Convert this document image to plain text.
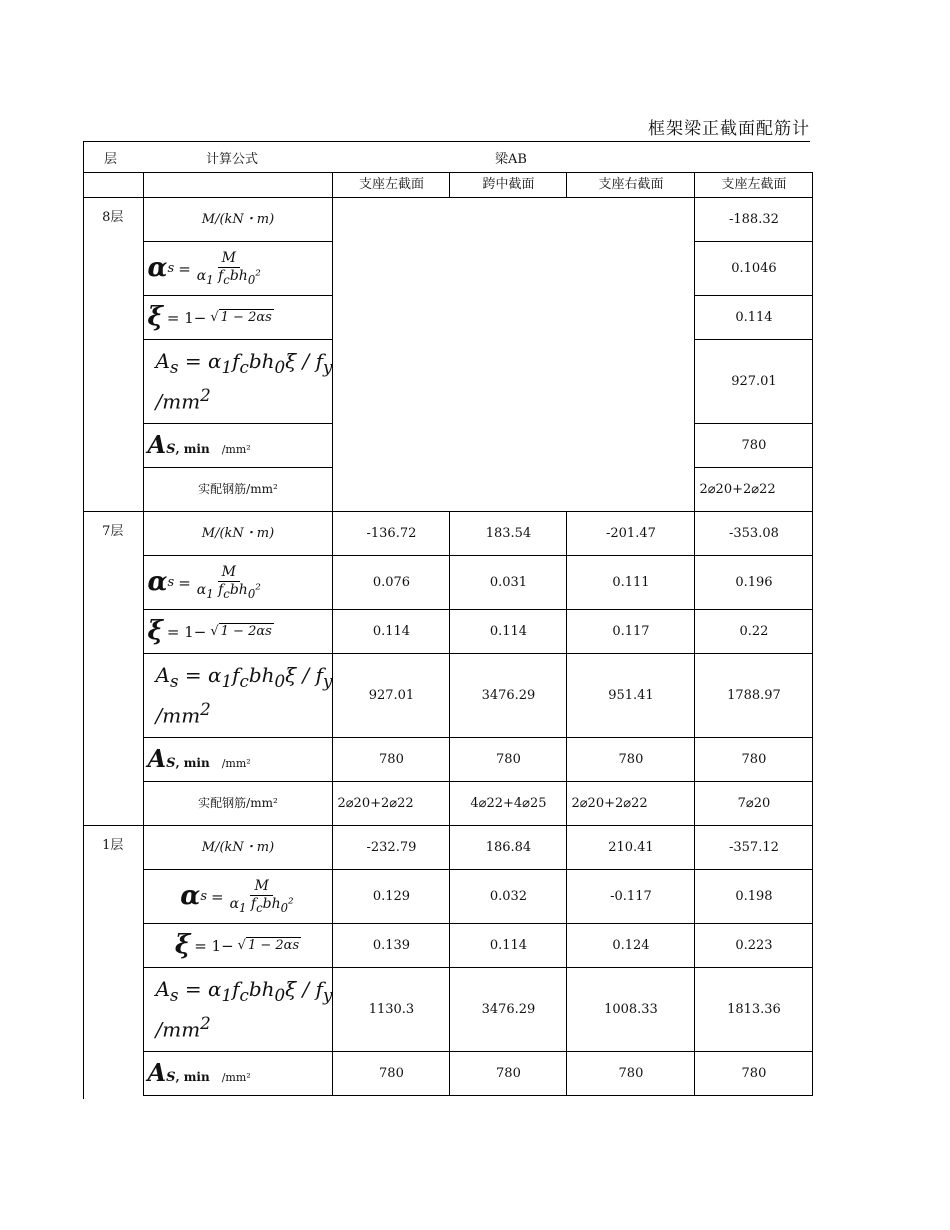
框架梁正截面配筋计
层	计算公式	梁AB
		支座左截面	跨中截面	支座右截面	支座左截面
8层	M/(kN・m)				-188.32

	α $s = \frac{M}{\alpha_1 f_cbh_0^2}$				0.1046

	ξ = 1− √ 1 − 2αs				0.114

	$A_s = \alpha_1f_cbh_0\xi / f_y$
$/mm^2$				927.01

	A S , min /mm²				780
	实配钢筋/mm²				2⌀20+2⌀22
7层	M/(kN・m)	-136.72	183.54	-201.47	-353.08

	α $s = \frac{M}{\alpha_1 f_cbh_0^2}$	0.076	0.031	0.111	0.196

	ξ = 1− √ 1 − 2αs	0.114	0.114	0.117	0.22

	$A_s = \alpha_1f_cbh_0\xi / f_y$
$/mm^2$	927.01	3476.29	951.41	1788.97

	A S , min /mm²	780	780	780	780
	实配钢筋/mm²	2⌀20+2⌀22	4⌀22+4⌀25	2⌀20+2⌀22	7⌀20
1层	M/(kN・m)	-232.79	186.84	210.41	-357.12

	α $s = \frac{M}{\alpha_1 f_cbh_0^2}$	0.129	0.032	-0.117	0.198

	ξ = 1− √ 1 − 2αs	0.139	0.114	0.124	0.223

	$A_s = \alpha_1f_cbh_0\xi / f_y$
$/mm^2$	1130.3	3476.29	1008.33	1813.36

	A S , min /mm²	780	780	780	780
